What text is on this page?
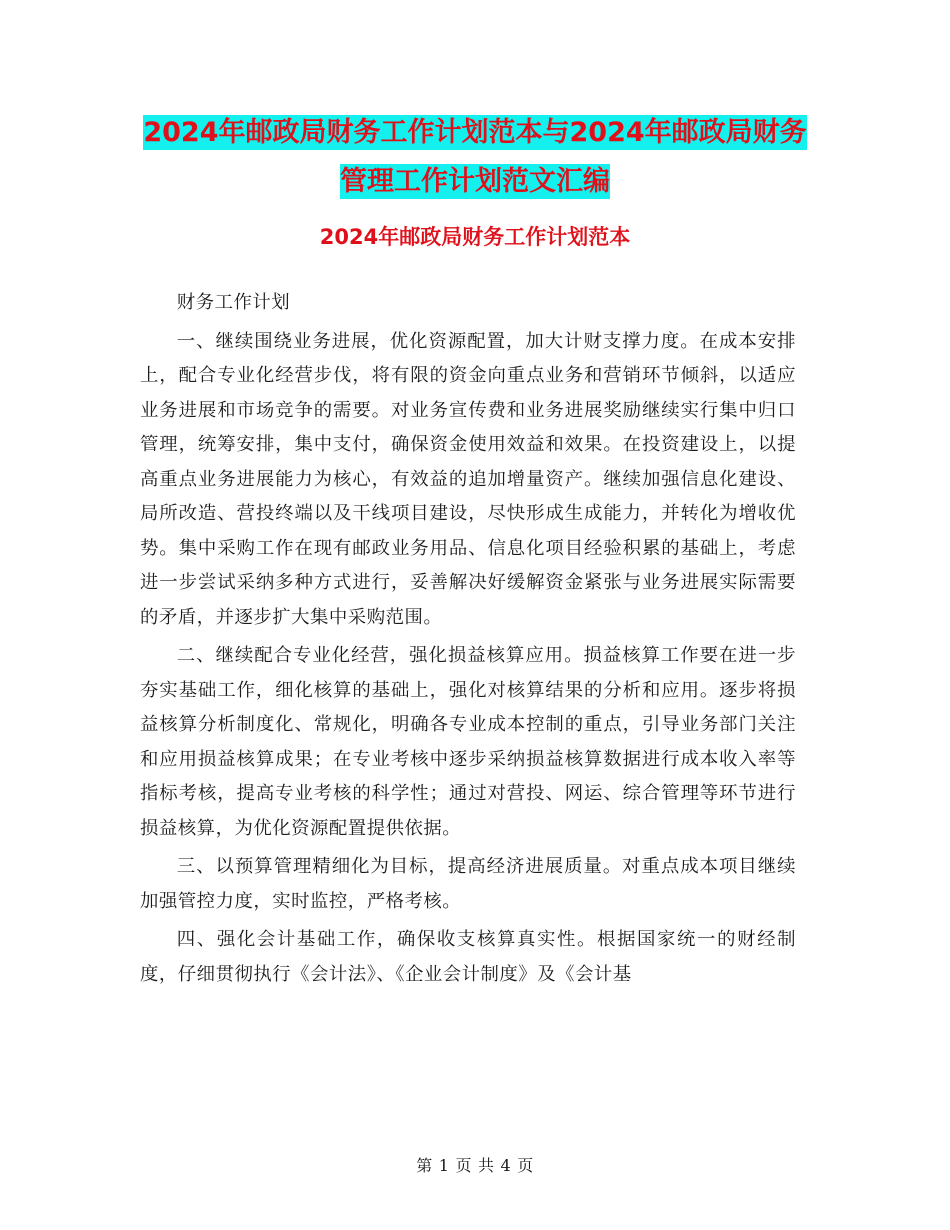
2024年邮政局财务工作计划范本与2024年邮政局财务
管理工作计划范文汇编
2024年邮政局财务工作计划范本

财务工作计划

一、继续围绕业务进展，优化资源配置，加大计财支撑力度。在成本安排上，配合专业化经营步伐，将有限的资金向重点业务和营销环节倾斜，以适应业务进展和市场竞争的需要。对业务宣传费和业务进展奖励继续实行集中归口管理，统筹安排，集中支付，确保资金使用效益和效果。在投资建设上，以提高重点业务进展能力为核心，有效益的追加增量资产。继续加强信息化建设、局所改造、营投终端以及干线项目建设，尽快形成生成能力，并转化为增收优势。集中采购工作在现有邮政业务用品、信息化项目经验积累的基础上，考虑进一步尝试采纳多种方式进行，妥善解决好缓解资金紧张与业务进展实际需要的矛盾，并逐步扩大集中采购范围。

二、继续配合专业化经营，强化损益核算应用。损益核算工作要在进一步夯实基础工作，细化核算的基础上，强化对核算结果的分析和应用。逐步将损益核算分析制度化、常规化，明确各专业成本控制的重点，引导业务部门关注和应用损益核算成果；在专业考核中逐步采纳损益核算数据进行成本收入率等指标考核，提高专业考核的科学性；通过对营投、网运、综合管理等环节进行损益核算，为优化资源配置提供依据。

三、以预算管理精细化为目标，提高经济进展质量。对重点成本项目继续加强管控力度，实时监控，严格考核。

四、强化会计基础工作，确保收支核算真实性。根据国家统一的财经制度，仔细贯彻执行《会计法》、《企业会计制度》及《会计基

第 1 页 共 4 页
